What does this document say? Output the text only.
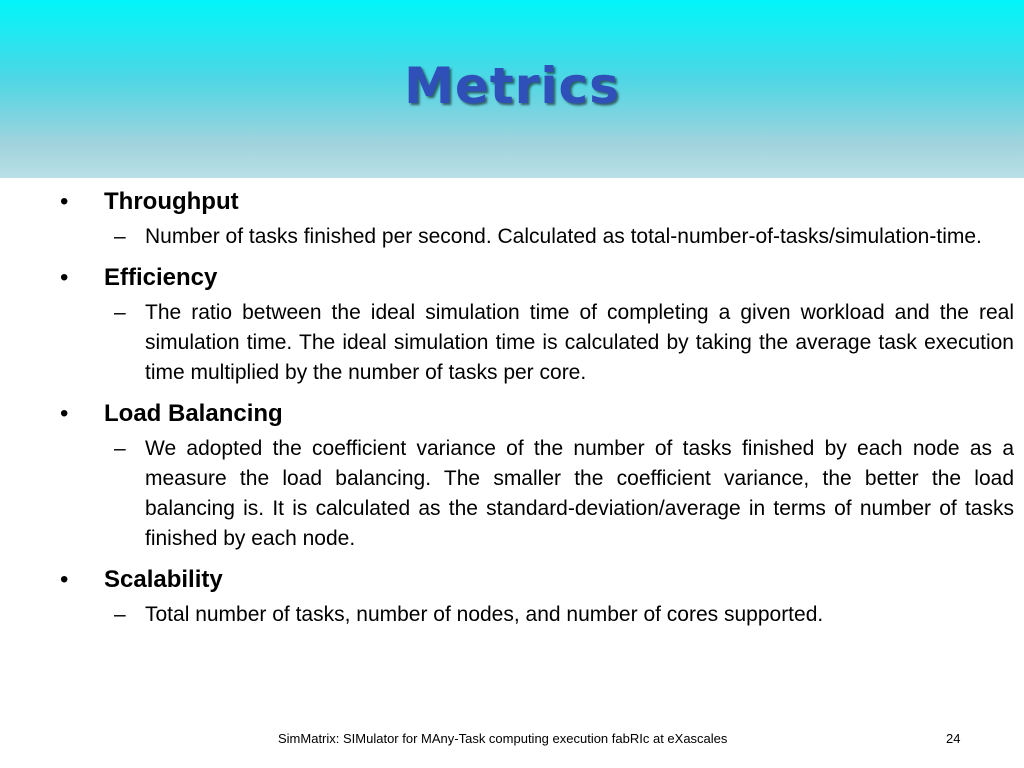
Metrics
•	Throughput
– Number of tasks finished per second. Calculated as total-number-of-tasks/simulation-time.
•	Efficiency
– The ratio between the ideal simulation time of completing a given workload and the real simulation time. The ideal simulation time is calculated by taking the average task execution time multiplied by the number of tasks per core.
•	Load Balancing
– We adopted the coefficient variance of the number of tasks finished by each node as a measure the load balancing. The smaller the coefficient variance, the better the load balancing is. It is calculated as the standard-deviation/average in terms of number of tasks finished by each node.
•	Scalability
– Total number of tasks, number of nodes, and number of cores supported.
SimMatrix: SIMulator for MAny-Task computing execution fabRIc at eXascales	24
